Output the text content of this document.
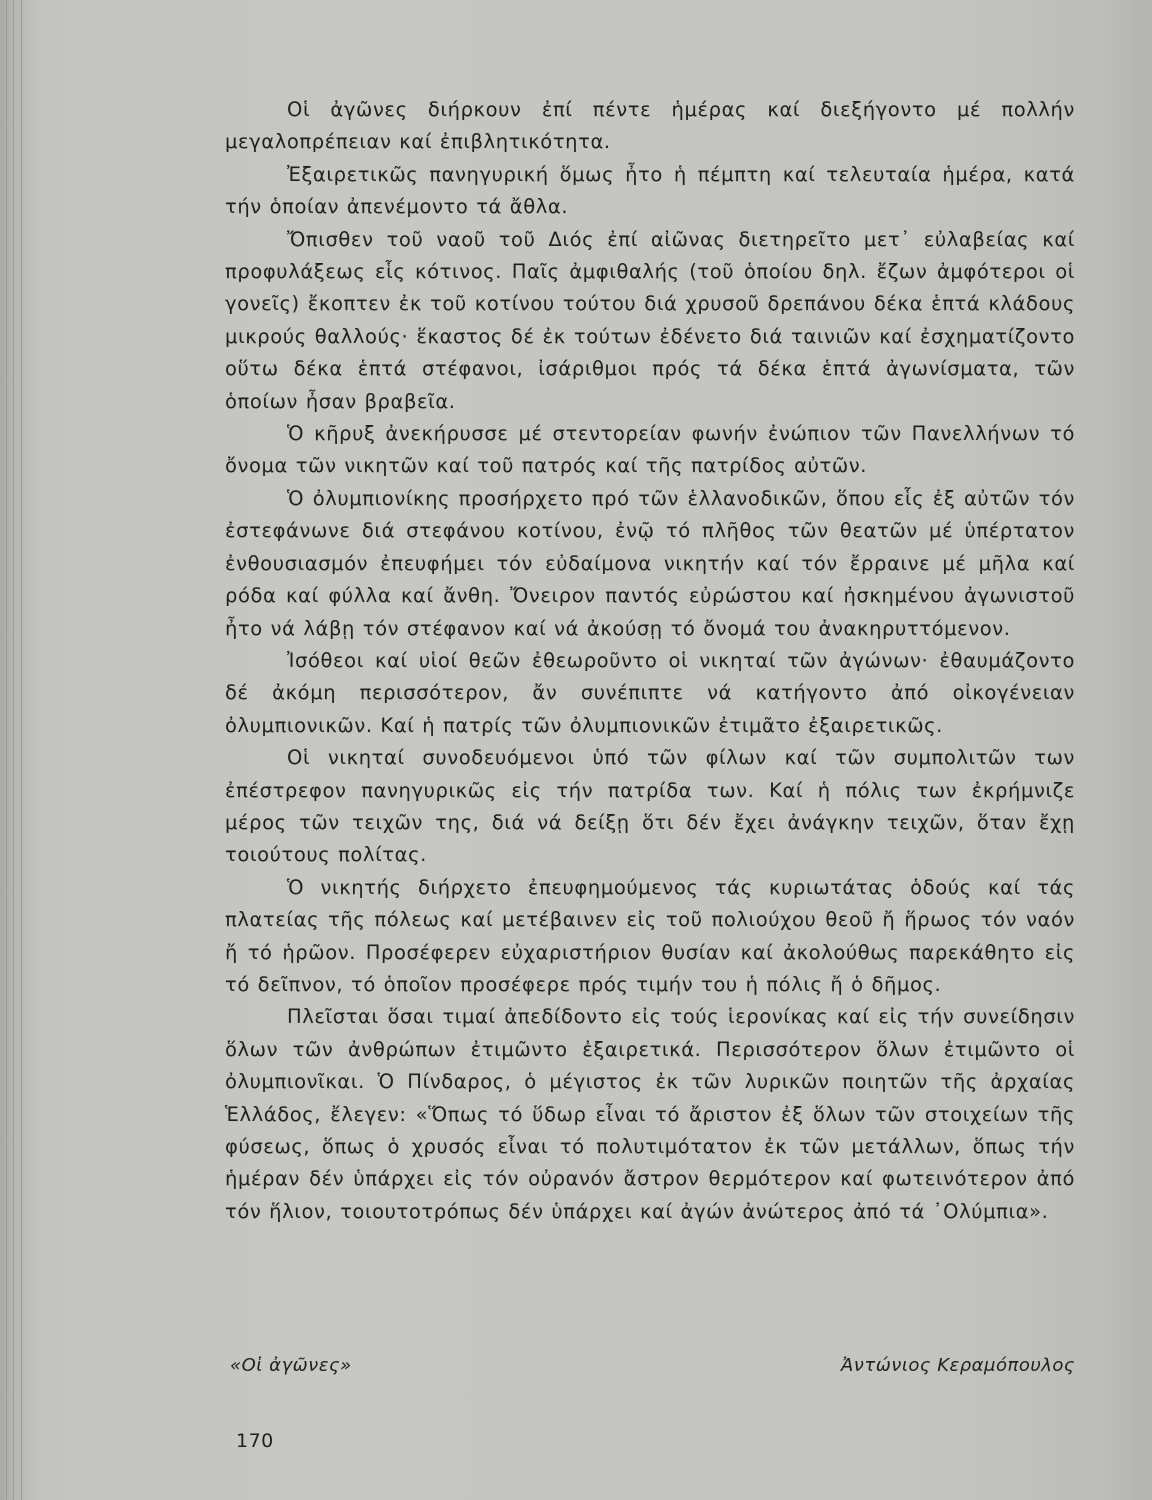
Οἱ ἀγῶνες διήρκουν ἐπί πέντε ἡμέρας καί διεξήγοντο μέ πολλήν μεγαλοπρέπειαν καί ἐπιβλητικότητα.

Ἐξαιρετικῶς πανηγυρική ὅμως ἦτο ἡ πέμπτη καί τελευταία ἡμέρα, κατά τήν ὁποίαν ἀπενέμοντο τά ἄθλα.

Ὄπισθεν τοῦ ναοῦ τοῦ Διός ἐπί αἰῶνας διετηρεῖτο μετ᾿ εὐλαβείας καί προφυλάξεως εἷς κότινος. Παῖς ἀμφιθαλής (τοῦ ὁποίου δηλ. ἔζων ἀμφότεροι οἱ γονεῖς) ἔκοπτεν ἐκ τοῦ κοτίνου τούτου διά χρυσοῦ δρεπάνου δέκα ἑπτά κλάδους μικρούς θαλλούς· ἕκαστος δέ ἐκ τούτων ἐδένετο διά ταινιῶν καί ἐσχηματίζοντο οὕτω δέκα ἑπτά στέφανοι, ἰσάριθμοι πρός τά δέκα ἑπτά ἀγωνίσματα, τῶν ὁποίων ἦσαν βραβεῖα.

Ὁ κῆρυξ ἀνεκήρυσσε μέ στεντορείαν φωνήν ἐνώπιον τῶν Πανελλήνων τό ὄνομα τῶν νικητῶν καί τοῦ πατρός καί τῆς πατρίδος αὐτῶν.

Ὁ ὀλυμπιονίκης προσήρχετο πρό τῶν ἑλλανοδικῶν, ὅπου εἷς ἐξ αὐτῶν τόν ἐστεφάνωνε διά στεφάνου κοτίνου, ἐνῷ τό πλῆθος τῶν θεατῶν μέ ὑπέρτατον ἐνθουσιασμόν ἐπευφήμει τόν εὐδαίμονα νικητήν καί τόν ἔρραινε μέ μῆλα καί ρόδα καί φύλλα καί ἄνθη. Ὄνειρον παντός εὐρώστου καί ἠσκημένου ἀγωνιστοῦ ἦτο νά λάβῃ τόν στέφανον καί νά ἀκούσῃ τό ὄνομά του ἀνακηρυττόμενον.

Ἰσόθεοι καί υἱοί θεῶν ἐθεωροῦντο οἱ νικηταί τῶν ἀγώνων· ἐθαυμάζοντο δέ ἀκόμη περισσότερον, ἄν συνέπιπτε νά κατήγοντο ἀπό οἰκογένειαν ὀλυμπιονικῶν. Καί ἡ πατρίς τῶν ὀλυμπιονικῶν ἐτιμᾶτο ἐξαιρετικῶς.

Οἱ νικηταί συνοδευόμενοι ὑπό τῶν φίλων καί τῶν συμπολιτῶν των ἐπέστρεφον πανηγυρικῶς εἰς τήν πατρίδα των. Καί ἡ πόλις των ἐκρήμνιζε μέρος τῶν τειχῶν της, διά νά δείξῃ ὅτι δέν ἔχει ἀνάγκην τειχῶν, ὅταν ἔχῃ τοιούτους πολίτας.

Ὁ νικητής διήρχετο ἐπευφημούμενος τάς κυριωτάτας ὁδούς καί τάς πλατείας τῆς πόλεως καί μετέβαινεν εἰς τοῦ πολιούχου θεοῦ ἤ ἥρωος τόν ναόν ἤ τό ἡρῶον. Προσέφερεν εὐχαριστήριον θυσίαν καί ἀκολούθως παρεκάθητο εἰς τό δεῖπνον, τό ὁποῖον προσέφερε πρός τιμήν του ἡ πόλις ἤ ὁ δῆμος.

Πλεῖσται ὅσαι τιμαί ἀπεδίδοντο εἰς τούς ἱερονίκας καί εἰς τήν συνείδησιν ὅλων τῶν ἀνθρώπων ἐτιμῶντο ἐξαιρετικά. Περισσότερον ὅλων ἐτιμῶντο οἱ ὀλυμπιονῖκαι. Ὁ Πίνδαρος, ὁ μέγιστος ἐκ τῶν λυρικῶν ποιητῶν τῆς ἀρχαίας Ἑλλάδος, ἔλεγεν: «Ὅπως τό ὕδωρ εἶναι τό ἄριστον ἐξ ὅλων τῶν στοιχείων τῆς φύσεως, ὅπως ὁ χρυσός εἶναι τό πολυτιμότατον ἐκ τῶν μετάλλων, ὅπως τήν ἡμέραν δέν ὑπάρχει εἰς τόν οὐρανόν ἄστρον θερμότερον καί φωτεινότερον ἀπό τόν ἥλιον, τοιουτοτρόπως δέν ὑπάρχει καί ἀγών ἀνώτερος ἀπό τά ᾿Ολύμπια».

«Οἱ ἀγῶνες»	Ἀντώνιος Κεραμόπουλος
170
